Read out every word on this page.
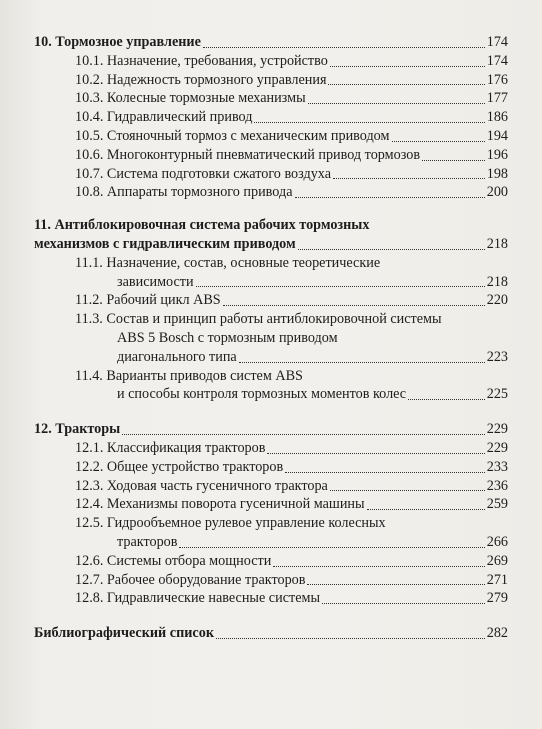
10. Тормозное управление	174
10.1. Назначение, требования, устройство	174
10.2. Надежность тормозного управления	176
10.3. Колесные тормозные механизмы	177
10.4. Гидравлический привод	186
10.5. Стояночный тормоз с механическим приводом	194
10.6. Многоконтурный пневматический привод тормозов	196
10.7. Система подготовки сжатого воздуха	198
10.8. Аппараты тормозного привода	200
11. Антиблокировочная система рабочих тормозных
механизмов с гидравлическим приводом	218
11.1. Назначение, состав, основные теоретические
зависимости	218
11.2. Рабочий цикл ABS	220
11.3. Состав и принцип работы антиблокировочной системы
ABS 5 Bosch с тормозным приводом
диагонального типа	223
11.4. Варианты приводов систем ABS
и способы контроля тормозных моментов колес	225
12. Тракторы	229
12.1. Классификация тракторов	229
12.2. Общее устройство тракторов	233
12.3. Ходовая часть гусеничного трактора	236
12.4. Механизмы поворота гусеничной машины	259
12.5. Гидрообъемное рулевое управление колесных
тракторов	266
12.6. Системы отбора мощности	269
12.7. Рабочее оборудование тракторов	271
12.8. Гидравлические навесные системы	279
Библиографический список	282
